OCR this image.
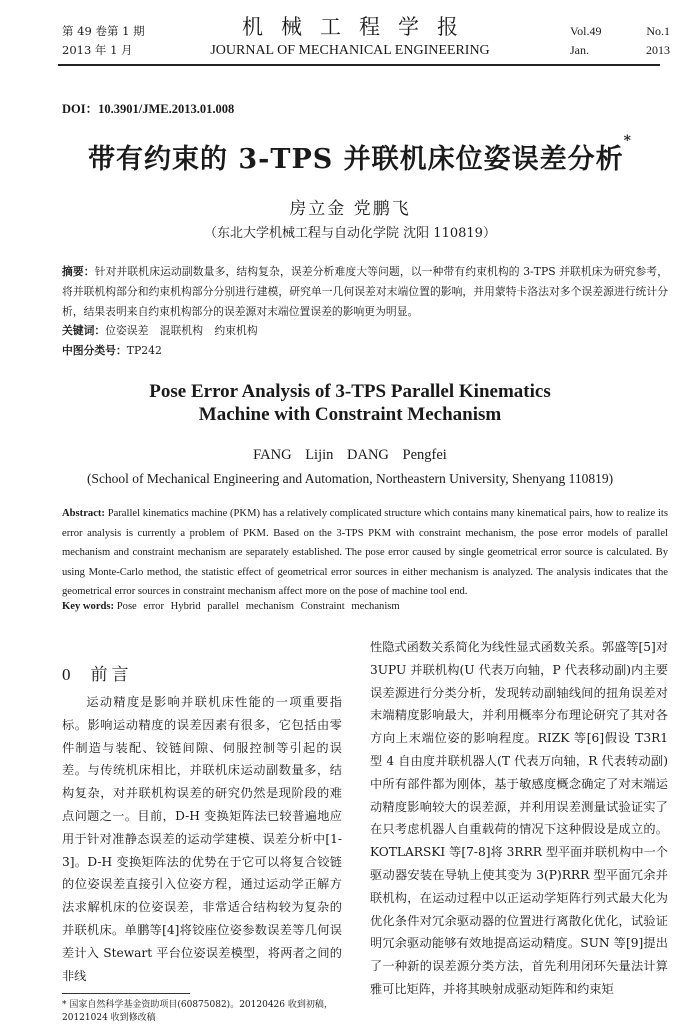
第 49 卷第 1 期
2013 年 1 月
机械工程学报
JOURNAL OF MECHANICAL ENGINEERING
Vol.49	No.1
Jan.	2013
DOI：10.3901/JME.2013.01.008
带有约束的 3-TPS 并联机床位姿误差分析*
房立金 党鹏飞
（东北大学机械工程与自动化学院 沈阳 110819）
摘要：针对并联机床运动副数量多，结构复杂，误差分析难度大等问题，以一种带有约束机构的 3-TPS 并联机床为研究参考，将并联机构部分和约束机构部分分别进行建模，研究单一几何误差对末端位置的影响，并用蒙特卡洛法对多个误差源进行统计分析，结果表明来自约束机构部分的误差源对末端位置误差的影响更为明显。
关键词：位姿误差 混联机构 约束机构
中图分类号：TP242
Pose Error Analysis of 3-TPS Parallel Kinematics
Machine with Constraint Mechanism
FANG Lijin DANG Pengfei
(School of Mechanical Engineering and Automation, Northeastern University, Shenyang 110819)
Abstract: Parallel kinematics machine (PKM) has a relatively complicated structure which contains many kinematical pairs, how to realize its error analysis is currently a problem of PKM. Based on the 3-TPS PKM with constraint mechanism, the pose error models of parallel mechanism and constraint mechanism are separately established. The pose error caused by single geometrical error source is calculated. By using Monte-Carlo method, the statistic effect of geometrical error sources in either mechanism is analyzed. The analysis indicates that the geometrical error sources in constraint mechanism affect more on the pose of machine tool end.
Key words: Pose error Hybrid parallel mechanism Constraint mechanism
0 前言

运动精度是影响并联机床性能的一项重要指标。影响运动精度的误差因素有很多，它包括由零件制造与装配、铰链间隙、伺服控制等引起的误差。与传统机床相比，并联机床运动副数量多，结构复杂，对并联机构误差的研究仍然是现阶段的难点问题之一。目前，D-H 变换矩阵法已较普遍地应用于针对准静态误差的运动学建模、误差分析中[1-3]。D-H 变换矩阵法的优势在于它可以将复合铰链的位姿误差直接引入位姿方程，通过运动学正解方法求解机床的位姿误差，非常适合结构较为复杂的并联机床。单鹏等[4]将铰座位姿参数误差等几何误差计入 Stewart 平台位姿误差模型，将两者之间的非线

性隐式函数关系简化为线性显式函数关系。郭盛等[5]对 3UPU 并联机构(U 代表万向轴，P 代表移动副)内主要误差源进行分类分析，发现转动副轴线间的扭角误差对末端精度影响最大，并利用概率分布理论研究了其对各方向上末端位姿的影响程度。RIZK 等[6]假设 T3R1 型 4 自由度并联机器人(T 代表万向轴，R 代表转动副)中所有部件都为刚体，基于敏感度概念确定了对末端运动精度影响较大的误差源，并利用误差测量试验证实了在只考虑机器人自重载荷的情况下这种假设是成立的。KOTLARSKI 等[7-8]将 3RRR 型平面并联机构中一个驱动器安装在导轨上使其变为 3(P)RRR 型平面冗余并联机构，在运动过程中以正运动学矩阵行列式最大化为优化条件对冗余驱动器的位置进行离散化优化，试验证明冗余驱动能够有效地提高运动精度。SUN 等[9]提出了一种新的误差源分类方法，首先利用闭环矢量法计算雅可比矩阵，并将其映射成驱动矩阵和约束矩

* 国家自然科学基金资助项目(60875082)。20120426 收到初稿，20121024 收到修改稿
